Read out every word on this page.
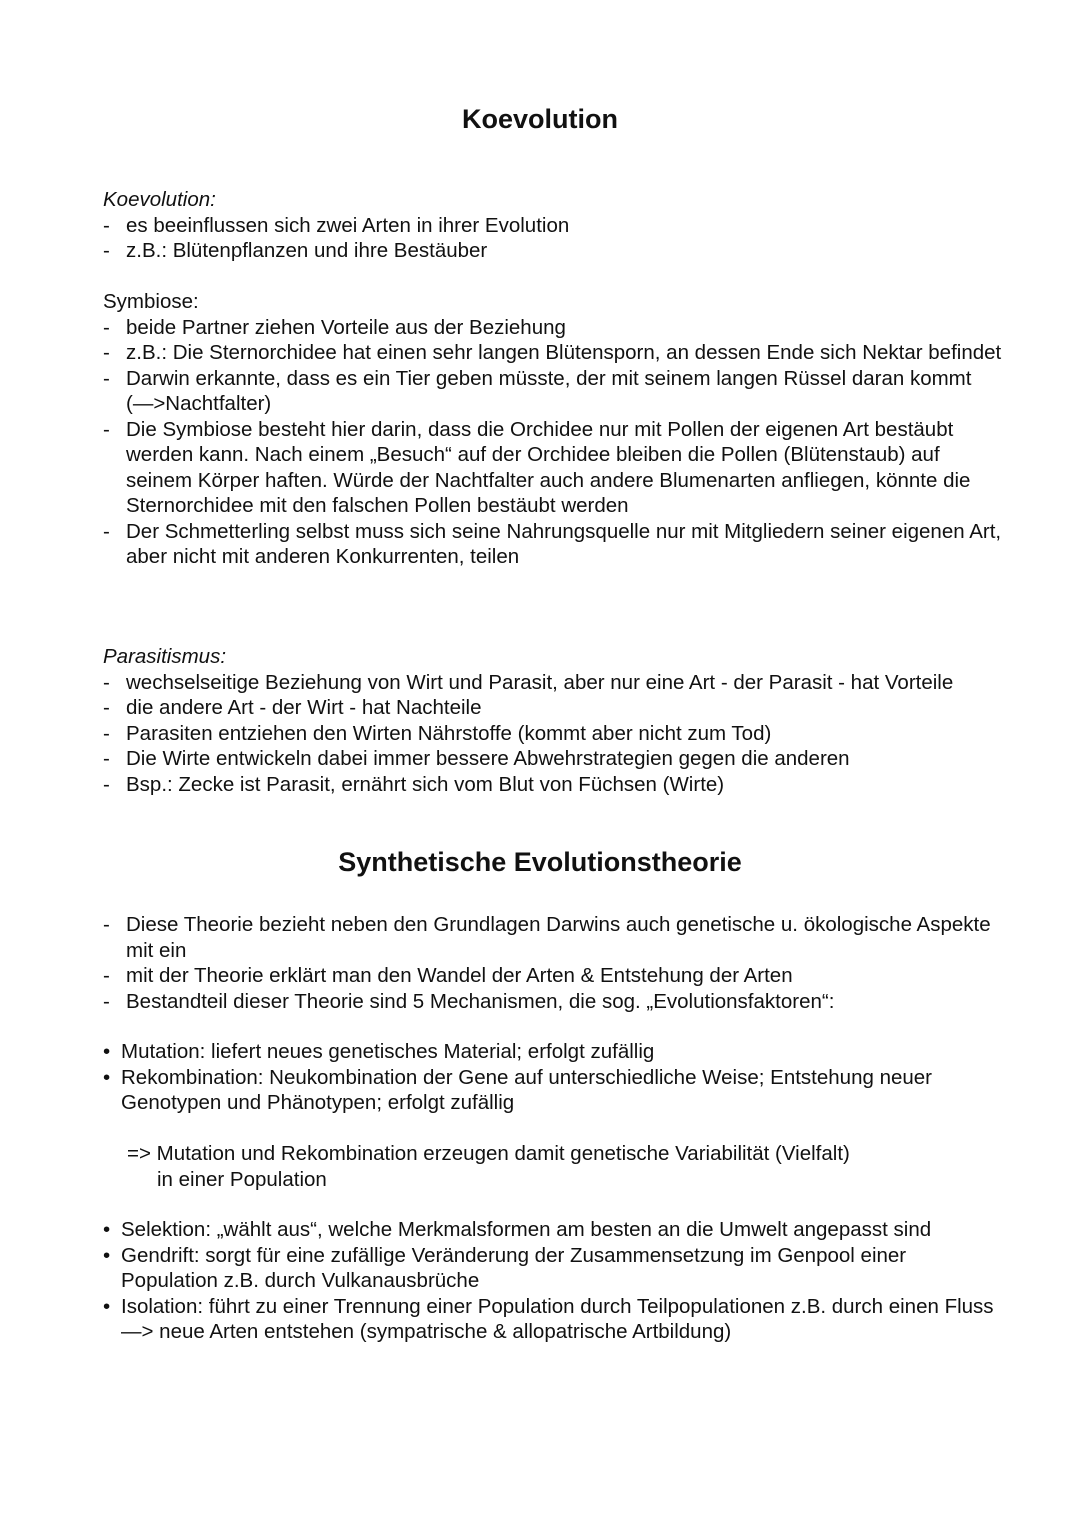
Koevolution

Koevolution:

- es beeinflussen sich zwei Arten in ihrer Evolution
- z.B.: Blütenpflanzen und ihre Bestäuber

Symbiose:

- beide Partner ziehen Vorteile aus der Beziehung
- z.B.: Die Sternorchidee hat einen sehr langen Blütensporn, an dessen Ende sich Nektar befindet
- Darwin erkannte, dass es ein Tier geben müsste, der mit seinem langen Rüssel daran kommt (—>Nachtfalter)
- Die Symbiose besteht hier darin, dass die Orchidee nur mit Pollen der eigenen Art bestäubt werden kann. Nach einem „Besuch“ auf der Orchidee bleiben die Pollen (Blütenstaub) auf seinem Körper haften. Würde der Nachtfalter auch andere Blumenarten anfliegen, könnte die Sternorchidee mit den falschen Pollen bestäubt werden
- Der Schmetterling selbst muss sich seine Nahrungsquelle nur mit Mitgliedern seiner eigenen Art, aber nicht mit anderen Konkurrenten, teilen

Parasitismus:

- wechselseitige Beziehung von Wirt und Parasit, aber nur eine Art - der Parasit - hat Vorteile
- die andere Art - der Wirt - hat Nachteile
- Parasiten entziehen den Wirten Nährstoffe (kommt aber nicht zum Tod)
- Die Wirte entwickeln dabei immer bessere Abwehrstrategien gegen die anderen
- Bsp.: Zecke ist Parasit, ernährt sich vom Blut von Füchsen (Wirte)
Synthetische Evolutionstheorie
- Diese Theorie bezieht neben den Grundlagen Darwins auch genetische u. ökologische Aspekte mit ein
- mit der Theorie erklärt man den Wandel der Arten & Entstehung der Arten
- Bestandteil dieser Theorie sind 5 Mechanismen, die sog. „Evolutionsfaktoren“:
• Mutation: liefert neues genetisches Material; erfolgt zufällig
• Rekombination: Neukombination der Gene auf unterschiedliche Weise; Entstehung neuer Genotypen und Phänotypen; erfolgt zufällig
=> Mutation und Rekombination erzeugen damit genetische Variabilität (Vielfalt)
in einer Population
• Selektion: „wählt aus“, welche Merkmalsformen am besten an die Umwelt angepasst sind
• Gendrift: sorgt für eine zufällige Veränderung der Zusammensetzung im Genpool einer Population z.B. durch Vulkanausbrüche
• Isolation: führt zu einer Trennung einer Population durch Teilpopulationen z.B. durch einen Fluss —> neue Arten entstehen (sympatrische & allopatrische Artbildung)
